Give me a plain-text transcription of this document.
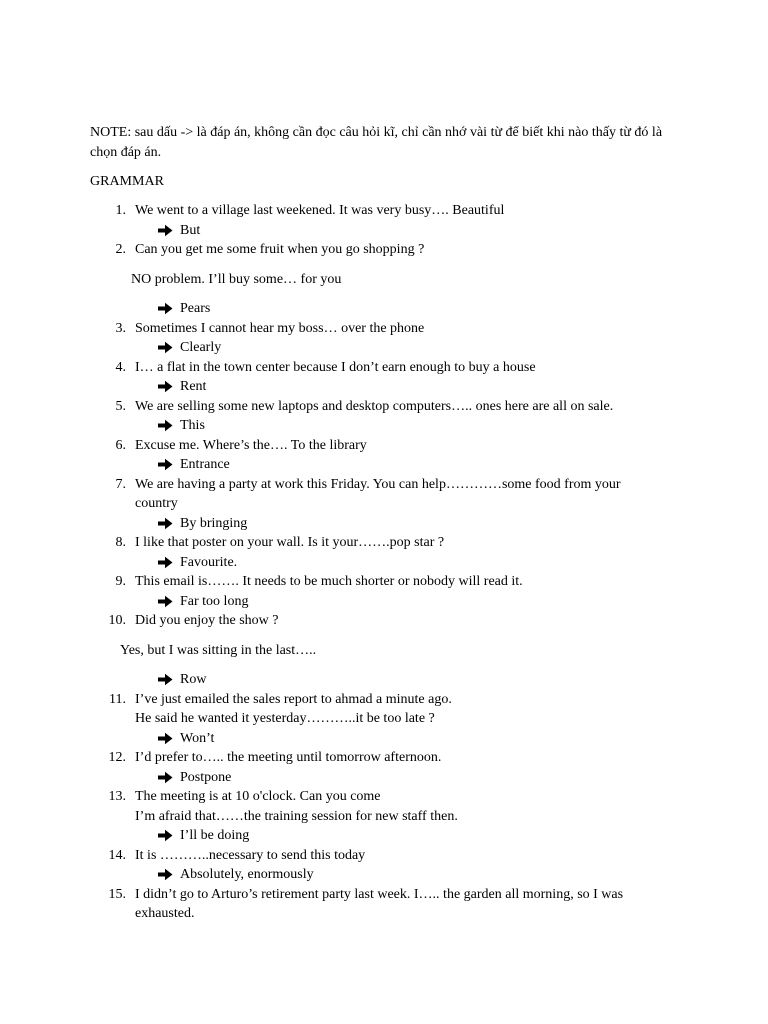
NOTE: sau dấu -> là đáp án, không cần đọc câu hỏi kĩ, chỉ cần nhớ vài từ để biết khi nào thấy từ đó là chọn đáp án.

GRAMMAR
1. We went to a village last weekened. It was very busy…. Beautiful
But
2. Can you get me some fruit when you go shopping ?
NO problem. I’ll buy some… for you
Pears
3. Sometimes I cannot hear my boss… over the phone
Clearly
4. I… a flat in the town center because I don’t earn enough to buy a house
Rent
5. We are selling some new laptops and desktop computers….. ones here are all on sale.
This
6. Excuse me. Where’s the…. To the library
Entrance
7. We are having a party at work this Friday. You can help…………some food from your
country
By bringing
8. I like that poster on your wall. Is it your…….pop star ?
Favourite.
9. This email is……. It needs to be much shorter or nobody will read it.
Far too long
10. Did you enjoy the show ?
Yes, but I was sitting in the last…..
Row
11. I’ve just emailed the sales report to ahmad a minute ago.
He said he wanted it yesterday………..it be too late ?
Won’t
12. I’d prefer to….. the meeting until tomorrow afternoon.
Postpone
13. The meeting is at 10 o'clock. Can you come
I’m afraid that……the training session for new staff then.
I’ll be doing
14. It is ………..necessary to send this today
Absolutely, enormously
15. I didn’t go to Arturo’s retirement party last week. I….. the garden all morning, so I was
exhausted.
